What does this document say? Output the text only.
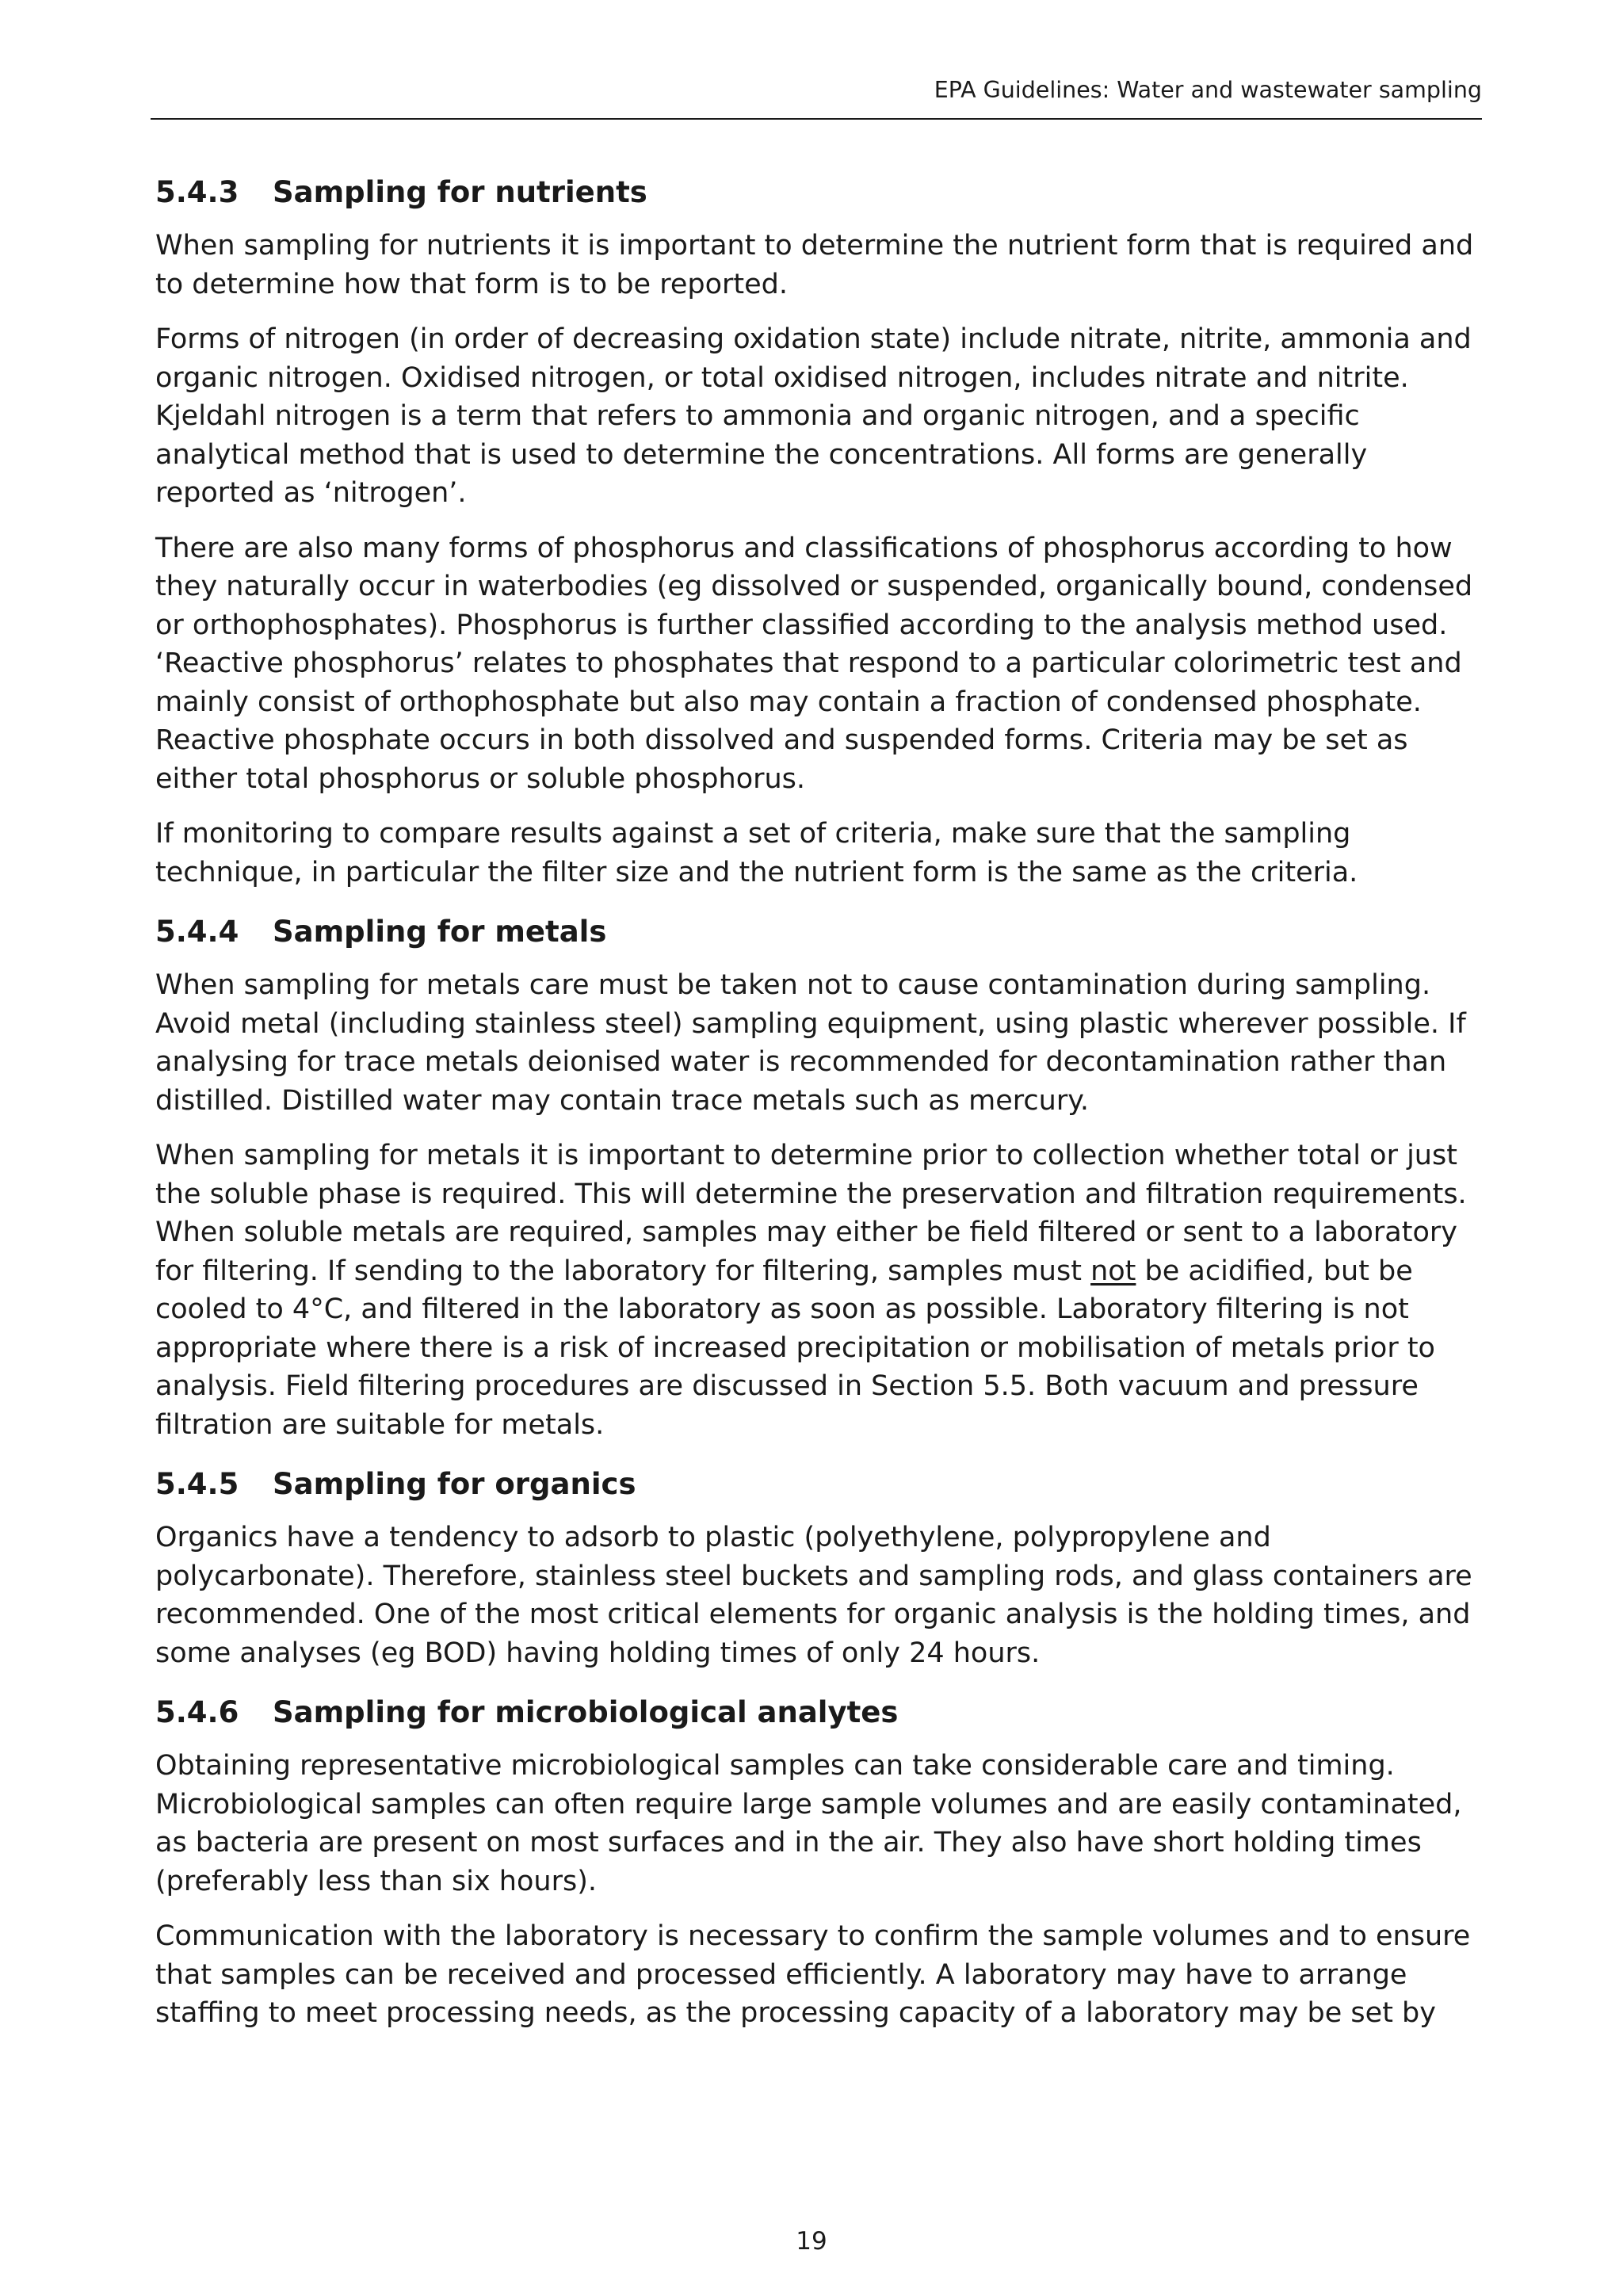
EPA Guidelines: Water and wastewater sampling
5.4.3 Sampling for nutrients

When sampling for nutrients it is important to determine the nutrient form that is required and to determine how that form is to be reported.

Forms of nitrogen (in order of decreasing oxidation state) include nitrate, nitrite, ammonia and organic nitrogen. Oxidised nitrogen, or total oxidised nitrogen, includes nitrate and nitrite. Kjeldahl nitrogen is a term that refers to ammonia and organic nitrogen, and a specific analytical method that is used to determine the concentrations. All forms are generally reported as ‘nitrogen’.

There are also many forms of phosphorus and classifications of phosphorus according to how they naturally occur in waterbodies (eg dissolved or suspended, organically bound, condensed or orthophosphates). Phosphorus is further classified according to the analysis method used. ‘Reactive phosphorus’ relates to phosphates that respond to a particular colorimetric test and mainly consist of orthophosphate but also may contain a fraction of condensed phosphate. Reactive phosphate occurs in both dissolved and suspended forms. Criteria may be set as either total phosphorus or soluble phosphorus.

If monitoring to compare results against a set of criteria, make sure that the sampling technique, in particular the filter size and the nutrient form is the same as the criteria.

5.4.4 Sampling for metals

When sampling for metals care must be taken not to cause contamination during sampling. Avoid metal (including stainless steel) sampling equipment, using plastic wherever possible. If analysing for trace metals deionised water is recommended for decontamination rather than distilled. Distilled water may contain trace metals such as mercury.

When sampling for metals it is important to determine prior to collection whether total or just the soluble phase is required. This will determine the preservation and filtration requirements. When soluble metals are required, samples may either be field filtered or sent to a laboratory for filtering. If sending to the laboratory for filtering, samples must not be acidified, but be cooled to 4°C, and filtered in the laboratory as soon as possible. Laboratory filtering is not appropriate where there is a risk of increased precipitation or mobilisation of metals prior to analysis. Field filtering procedures are discussed in Section 5.5. Both vacuum and pressure filtration are suitable for metals.

5.4.5 Sampling for organics

Organics have a tendency to adsorb to plastic (polyethylene, polypropylene and polycarbonate). Therefore, stainless steel buckets and sampling rods, and glass containers are recommended. One of the most critical elements for organic analysis is the holding times, and some analyses (eg BOD) having holding times of only 24 hours.

5.4.6 Sampling for microbiological analytes

Obtaining representative microbiological samples can take considerable care and timing. Microbiological samples can often require large sample volumes and are easily contaminated, as bacteria are present on most surfaces and in the air. They also have short holding times (preferably less than six hours).

Communication with the laboratory is necessary to confirm the sample volumes and to ensure that samples can be received and processed efficiently. A laboratory may have to arrange staffing to meet processing needs, as the processing capacity of a laboratory may be set by

19
